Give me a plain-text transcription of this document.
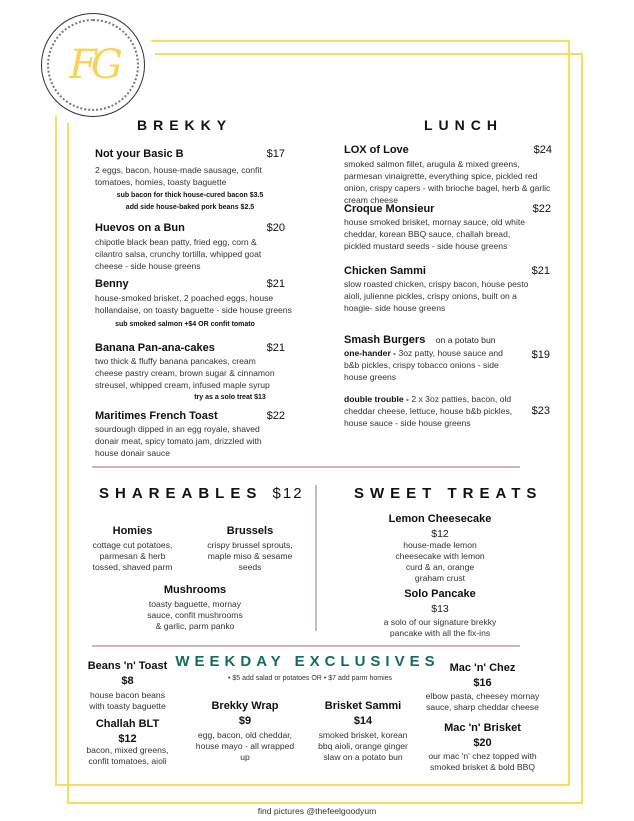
FG
BREKKY
Not your Basic B	$17
2 eggs, bacon, house-made sausage, confit tomatoes, homies, toasty baguette
sub bacon for thick house-cured bacon $3.5
add side house-baked pork beans $2.5
Huevos on a Bun	$20
chipotle black bean patty, fried egg, corn & cilantro salsa, crunchy tortilla, whipped goat cheese - side house greens
Benny	$21
house-smoked brisket, 2 poached eggs, house hollandaise, on toasty baguette - side house greens
sub smoked salmon +$4 OR confit tomato
Banana Pan-ana-cakes	$21
two thick & fluffy banana pancakes, cream cheese pastry cream, brown sugar & cinnamon streusel, whipped cream, infused maple syrup
try as a solo treat $13
Maritimes French Toast	$22
sourdough dipped in an egg royale, shaved donair meat, spicy tomato jam, drizzled with house donair sauce
LUNCH
LOX of Love	$24
smoked salmon fillet, arugula & mixed greens, parmesan vinaigrette, everything spice, pickled red onion, crispy capers - with brioche bagel, herb & garlic cream cheese
Croque Monsieur	$22
house smoked brisket, mornay sauce, old white cheddar, korean BBQ sauce, challah bread, pickled mustard seeds - side house greens
Chicken Sammi	$21
slow roasted chicken, crispy bacon, house pesto aioli, julienne pickles, crispy onions, built on a hoagie- side house greens
Smash Burgers on a potato bun
one-hander - 3oz patty, house sauce and b&b pickles, crispy tobacco onions - side house greens
$19
double trouble - 2 x 3oz patties, bacon, old cheddar cheese, lettuce, house b&b pickles, house sauce - side house greens
$23
SHAREABLES $12
Homies
cottage cut potatoes, parmesan & herb tossed, shaved parm
Brussels
crispy brussel sprouts, maple miso & sesame seeds
Mushrooms
toasty baguette, mornay sauce, confit mushrooms & garlic, parm panko
SWEET TREATS
Lemon Cheesecake
$12
house-made lemon cheesecake with lemon curd & an, orange graham crust
Solo Pancake
$13
a solo of our signature brekky pancake with all the fix-ins
WEEKDAY EXCLUSIVES
• $5 add salad or potatoes OR • $7 add parm homies
Beans 'n' Toast
$8
house bacon beans with toasty baguette
Challah BLT
$12
bacon, mixed greens, confit tomatoes, aioli
Brekky Wrap
$9
egg, bacon, old cheddar, house mayo - all wrapped up
Brisket Sammi
$14
smoked brisket, korean bbq aioli, orange ginger slaw on a potato bun
Mac 'n' Chez
$16
elbow pasta, cheesey mornay sauce, sharp cheddar cheese
Mac 'n' Brisket
$20
our mac 'n' chez topped with smoked brisket & bold BBQ
find pictures @thefeelgoodyum
